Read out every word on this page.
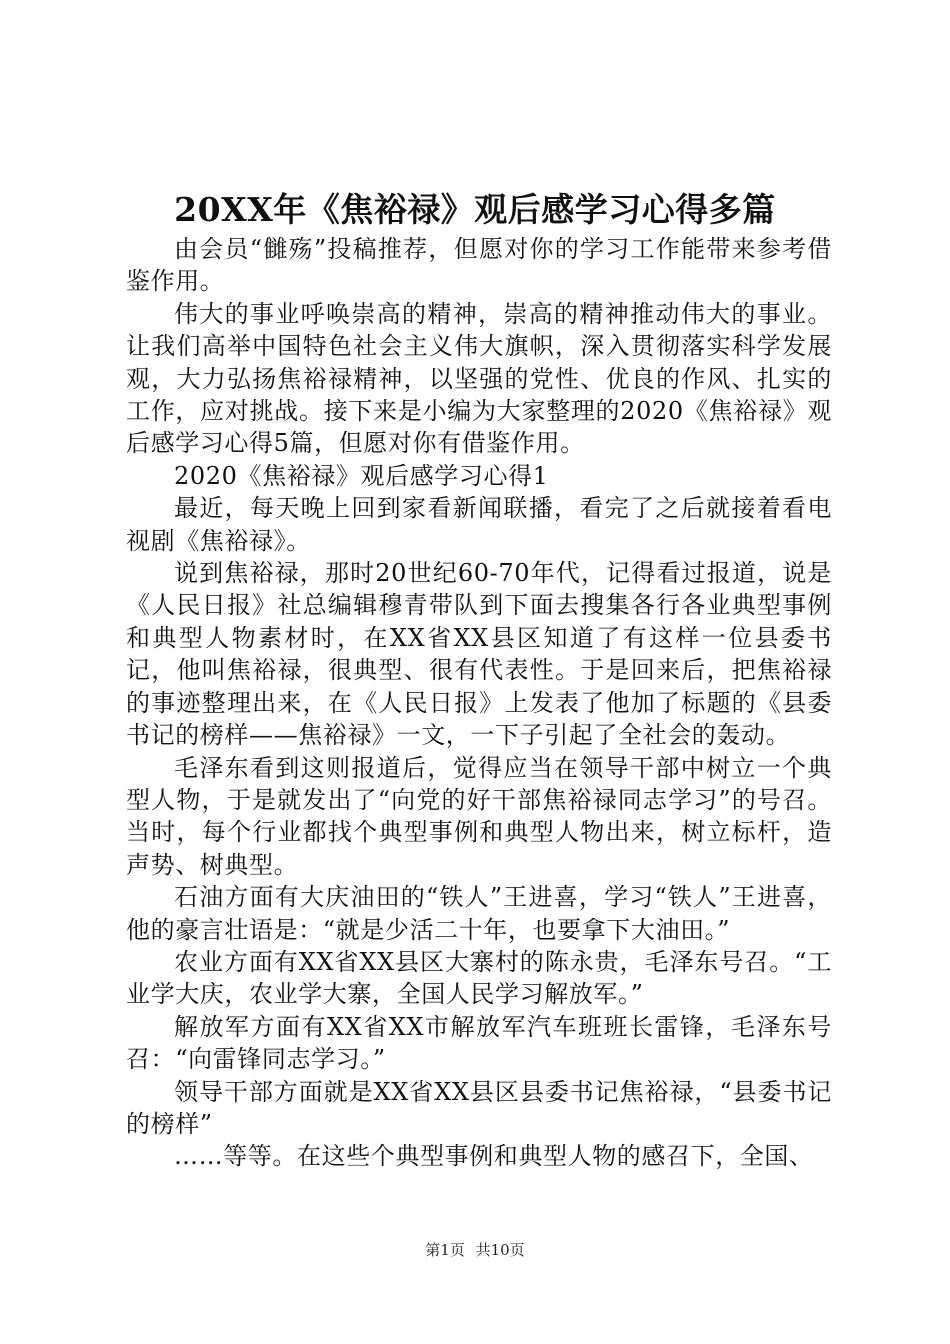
20XX年《焦裕禄》观后感学习心得多篇

由会员“雠殇”投稿推荐，但愿对你的学习工作能带来参考借鉴作用。

伟大的事业呼唤崇高的精神，崇高的精神推动伟大的事业。让我们高举中国特色社会主义伟大旗帜，深入贯彻落实科学发展观，大力弘扬焦裕禄精神，以坚强的党性、优良的作风、扎实的工作，应对挑战。接下来是小编为大家整理的2020《焦裕禄》观后感学习心得5篇，但愿对你有借鉴作用。

2020《焦裕禄》观后感学习心得1

最近，每天晚上回到家看新闻联播，看完了之后就接着看电视剧《焦裕禄》。

说到焦裕禄，那时20世纪60-70年代，记得看过报道，说是《人民日报》社总编辑穆青带队到下面去搜集各行各业典型事例和典型人物素材时，在XX省XX县区知道了有这样一位县委书记，他叫焦裕禄，很典型、很有代表性。于是回来后，把焦裕禄的事迹整理出来，在《人民日报》上发表了他加了标题的《县委书记的榜样——焦裕禄》一文，一下子引起了全社会的轰动。

毛泽东看到这则报道后，觉得应当在领导干部中树立一个典型人物，于是就发出了“向党的好干部焦裕禄同志学习”的号召。当时，每个行业都找个典型事例和典型人物出来，树立标杆，造声势、树典型。

石油方面有大庆油田的“铁人”王进喜，学习“铁人”王进喜，他的豪言壮语是：“就是少活二十年，也要拿下大油田。”

农业方面有XX省XX县区大寨村的陈永贵，毛泽东号召。“工业学大庆，农业学大寨，全国人民学习解放军。”

解放军方面有XX省XX市解放军汽车班班长雷锋，毛泽东号召：“向雷锋同志学习。”

领导干部方面就是XX省XX县区县委书记焦裕禄，“县委书记的榜样”

……等等。在这些个典型事例和典型人物的感召下，全国、

第1页 共10页
